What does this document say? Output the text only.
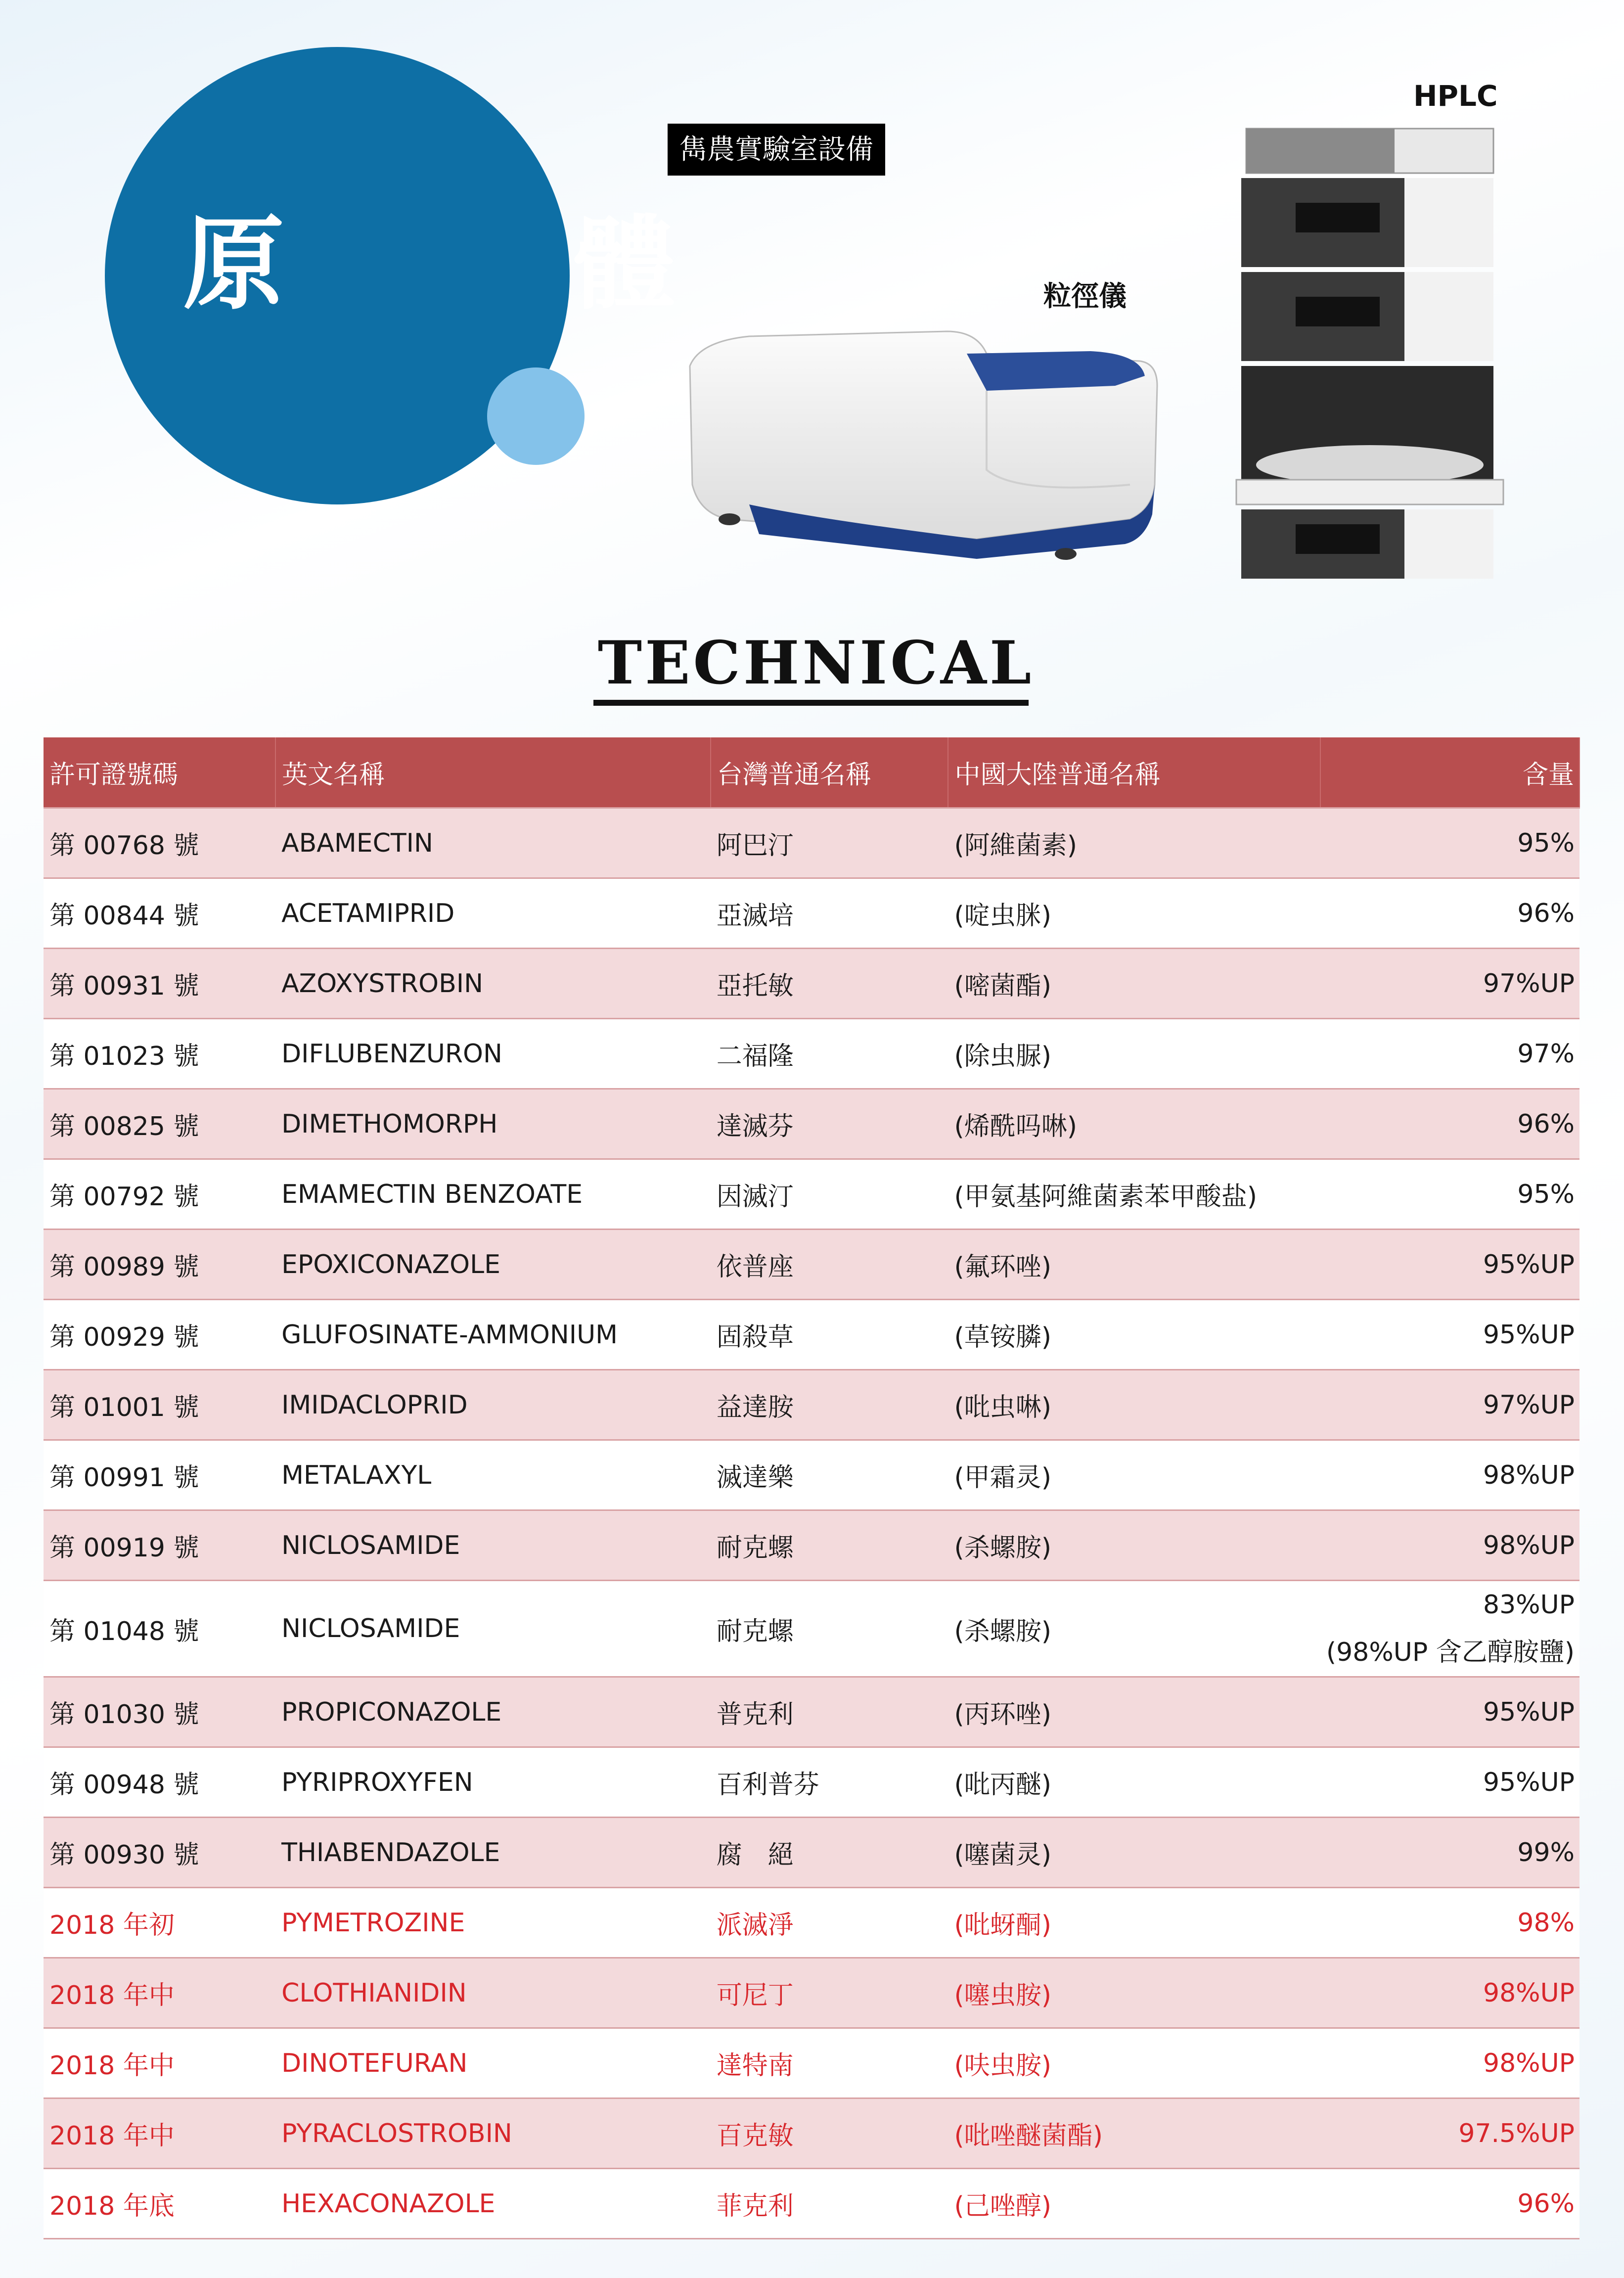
原　體
雋農實驗室設備
粒徑儀
HPLC
TECHNICAL
許可證號碼	英文名稱	台灣普通名稱	中國大陸普通名稱	含量
第 00768 號	ABAMECTIN	阿巴汀	(阿維菌素)	95%
第 00844 號	ACETAMIPRID	亞滅培	(啶虫脒)	96%
第 00931 號	AZOXYSTROBIN	亞托敏	(嘧菌酯)	97%UP
第 01023 號	DIFLUBENZURON	二福隆	(除虫脲)	97%
第 00825 號	DIMETHOMORPH	達滅芬	(烯酰吗啉)	96%
第 00792 號	EMAMECTIN BENZOATE	因滅汀	(甲氨基阿維菌素苯甲酸盐)	95%
第 00989 號	EPOXICONAZOLE	依普座	(氟环唑)	95%UP
第 00929 號	GLUFOSINATE-AMMONIUM	固殺草	(草铵膦)	95%UP
第 01001 號	IMIDACLOPRID	益達胺	(吡虫啉)	97%UP
第 00991 號	METALAXYL	滅達樂	(甲霜灵)	98%UP
第 00919 號	NICLOSAMIDE	耐克螺	(杀螺胺)	98%UP
第 01048 號	NICLOSAMIDE	耐克螺	(杀螺胺)	83%UP
(98%UP 含乙醇胺鹽)

第 01030 號	PROPICONAZOLE	普克利	(丙环唑)	95%UP
第 00948 號	PYRIPROXYFEN	百利普芬	(吡丙醚)	95%UP
第 00930 號	THIABENDAZOLE	腐　絕	(噻菌灵)	99%
2018 年初	PYMETROZINE	派滅淨	(吡蚜酮)	98%
2018 年中	CLOTHIANIDIN	可尼丁	(噻虫胺)	98%UP
2018 年中	DINOTEFURAN	達特南	(呋虫胺)	98%UP
2018 年中	PYRACLOSTROBIN	百克敏	(吡唑醚菌酯)	97.5%UP
2018 年底	HEXACONAZOLE	菲克利	(己唑醇)	96%
